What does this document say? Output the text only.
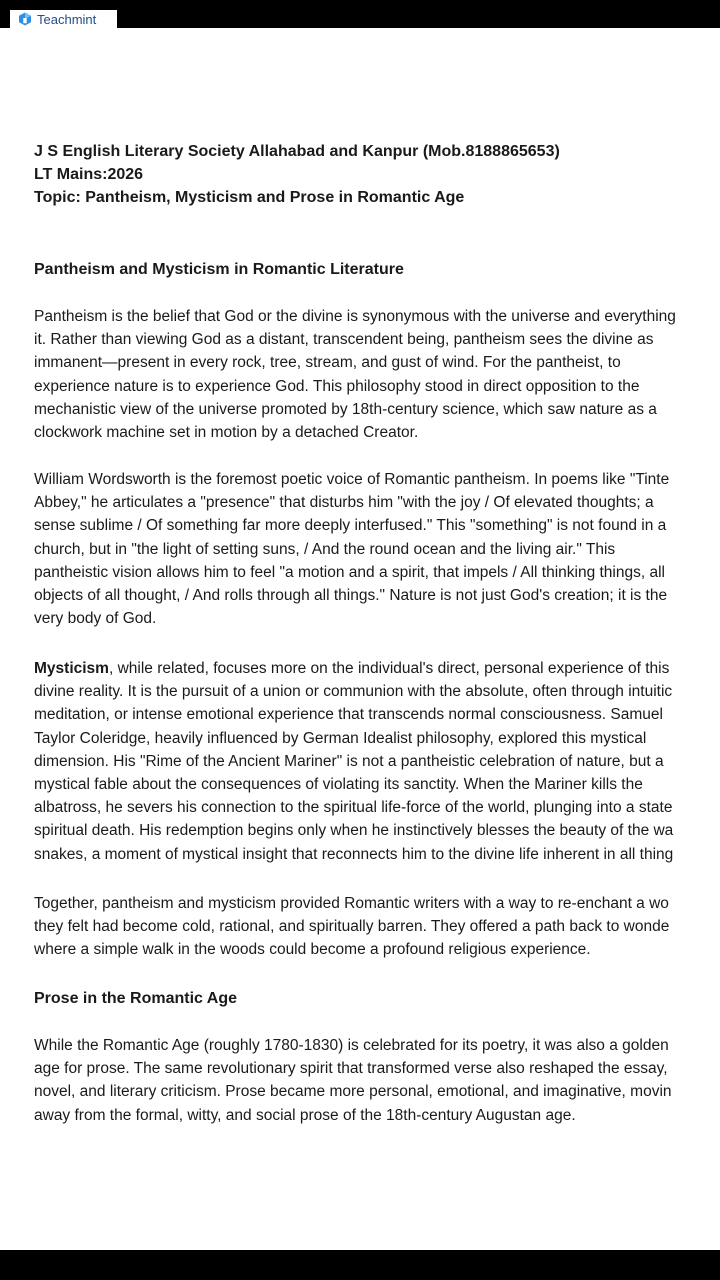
Teachmint
J S English Literary Society Allahabad and Kanpur (Mob.8188865653)
LT Mains:2026
Topic: Pantheism, Mysticism and Prose in Romantic Age
Pantheism and Mysticism in Romantic Literature

Pantheism is the belief that God or the divine is synonymous with the universe and everything

it. Rather than viewing God as a distant, transcendent being, pantheism sees the divine as

immanent—present in every rock, tree, stream, and gust of wind. For the pantheist, to

experience nature is to experience God. This philosophy stood in direct opposition to the

mechanistic view of the universe promoted by 18th-century science, which saw nature as a

clockwork machine set in motion by a detached Creator.

William Wordsworth is the foremost poetic voice of Romantic pantheism. In poems like "Tinte

Abbey," he articulates a "presence" that disturbs him "with the joy / Of elevated thoughts; a

sense sublime / Of something far more deeply interfused." This "something" is not found in a

church, but in "the light of setting suns, / And the round ocean and the living air." This

pantheistic vision allows him to feel "a motion and a spirit, that impels / All thinking things, all

objects of all thought, / And rolls through all things." Nature is not just God's creation; it is the

very body of God.

Mysticism, while related, focuses more on the individual's direct, personal experience of this

divine reality. It is the pursuit of a union or communion with the absolute, often through intuitic

meditation, or intense emotional experience that transcends normal consciousness. Samuel

Taylor Coleridge, heavily influenced by German Idealist philosophy, explored this mystical

dimension. His "Rime of the Ancient Mariner" is not a pantheistic celebration of nature, but a

mystical fable about the consequences of violating its sanctity. When the Mariner kills the

albatross, he severs his connection to the spiritual life-force of the world, plunging into a state

spiritual death. His redemption begins only when he instinctively blesses the beauty of the wa

snakes, a moment of mystical insight that reconnects him to the divine life inherent in all thing

Together, pantheism and mysticism provided Romantic writers with a way to re-enchant a wo

they felt had become cold, rational, and spiritually barren. They offered a path back to wonde

where a simple walk in the woods could become a profound religious experience.

Prose in the Romantic Age

While the Romantic Age (roughly 1780-1830) is celebrated for its poetry, it was also a golden

age for prose. The same revolutionary spirit that transformed verse also reshaped the essay,

novel, and literary criticism. Prose became more personal, emotional, and imaginative, movin

away from the formal, witty, and social prose of the 18th-century Augustan age.
